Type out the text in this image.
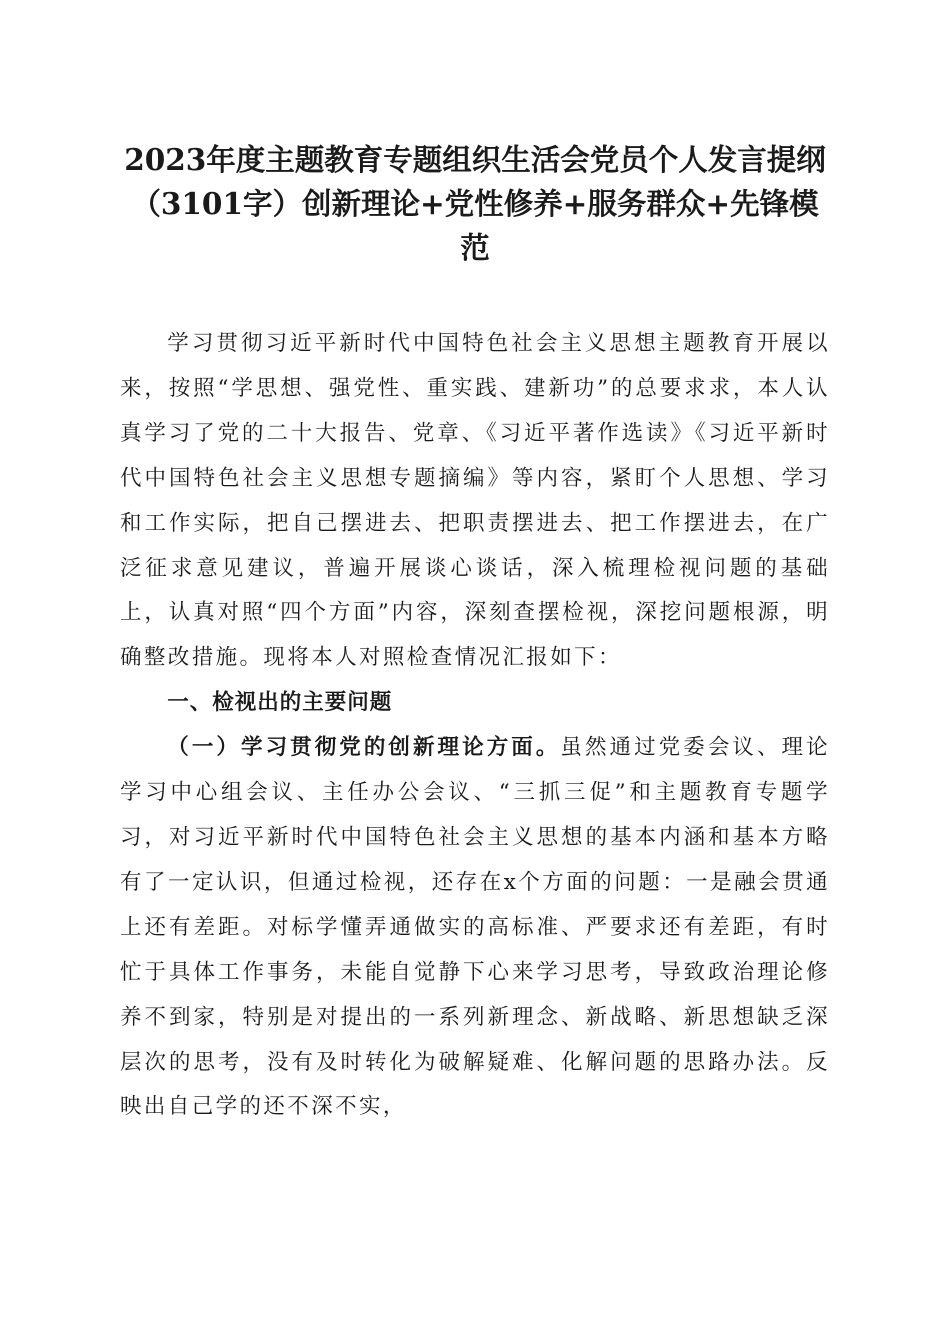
2023年度主题教育专题组织生活会党员个人发言提纲（3101字）创新理论+党性修养+服务群众+先锋模范

学习贯彻习近平新时代中国特色社会主义思想主题教育开展以来，按照“学思想、强党性、重实践、建新功”的总要求求，本人认真学习了党的二十大报告、党章、《习近平著作选读》《习近平新时代中国特色社会主义思想专题摘编》等内容，紧盯个人思想、学习和工作实际，把自己摆进去、把职责摆进去、把工作摆进去，在广泛征求意见建议，普遍开展谈心谈话，深入梳理检视问题的基础上，认真对照“四个方面”内容，深刻查摆检视，深挖问题根源，明确整改措施。现将本人对照检查情况汇报如下：

一、检视出的主要问题

（一）学习贯彻党的创新理论方面。虽然通过党委会议、理论学习中心组会议、主任办公会议、“三抓三促”和主题教育专题学习，对习近平新时代中国特色社会主义思想的基本内涵和基本方略有了一定认识，但通过检视，还存在x个方面的问题：一是融会贯通上还有差距。对标学懂弄通做实的高标准、严要求还有差距，有时忙于具体工作事务，未能自觉静下心来学习思考，导致政治理论修养不到家，特别是对提出的一系列新理念、新战略、新思想缺乏深层次的思考，没有及时转化为破解疑难、化解问题的思路办法。反映出自己学的还不深不实，
